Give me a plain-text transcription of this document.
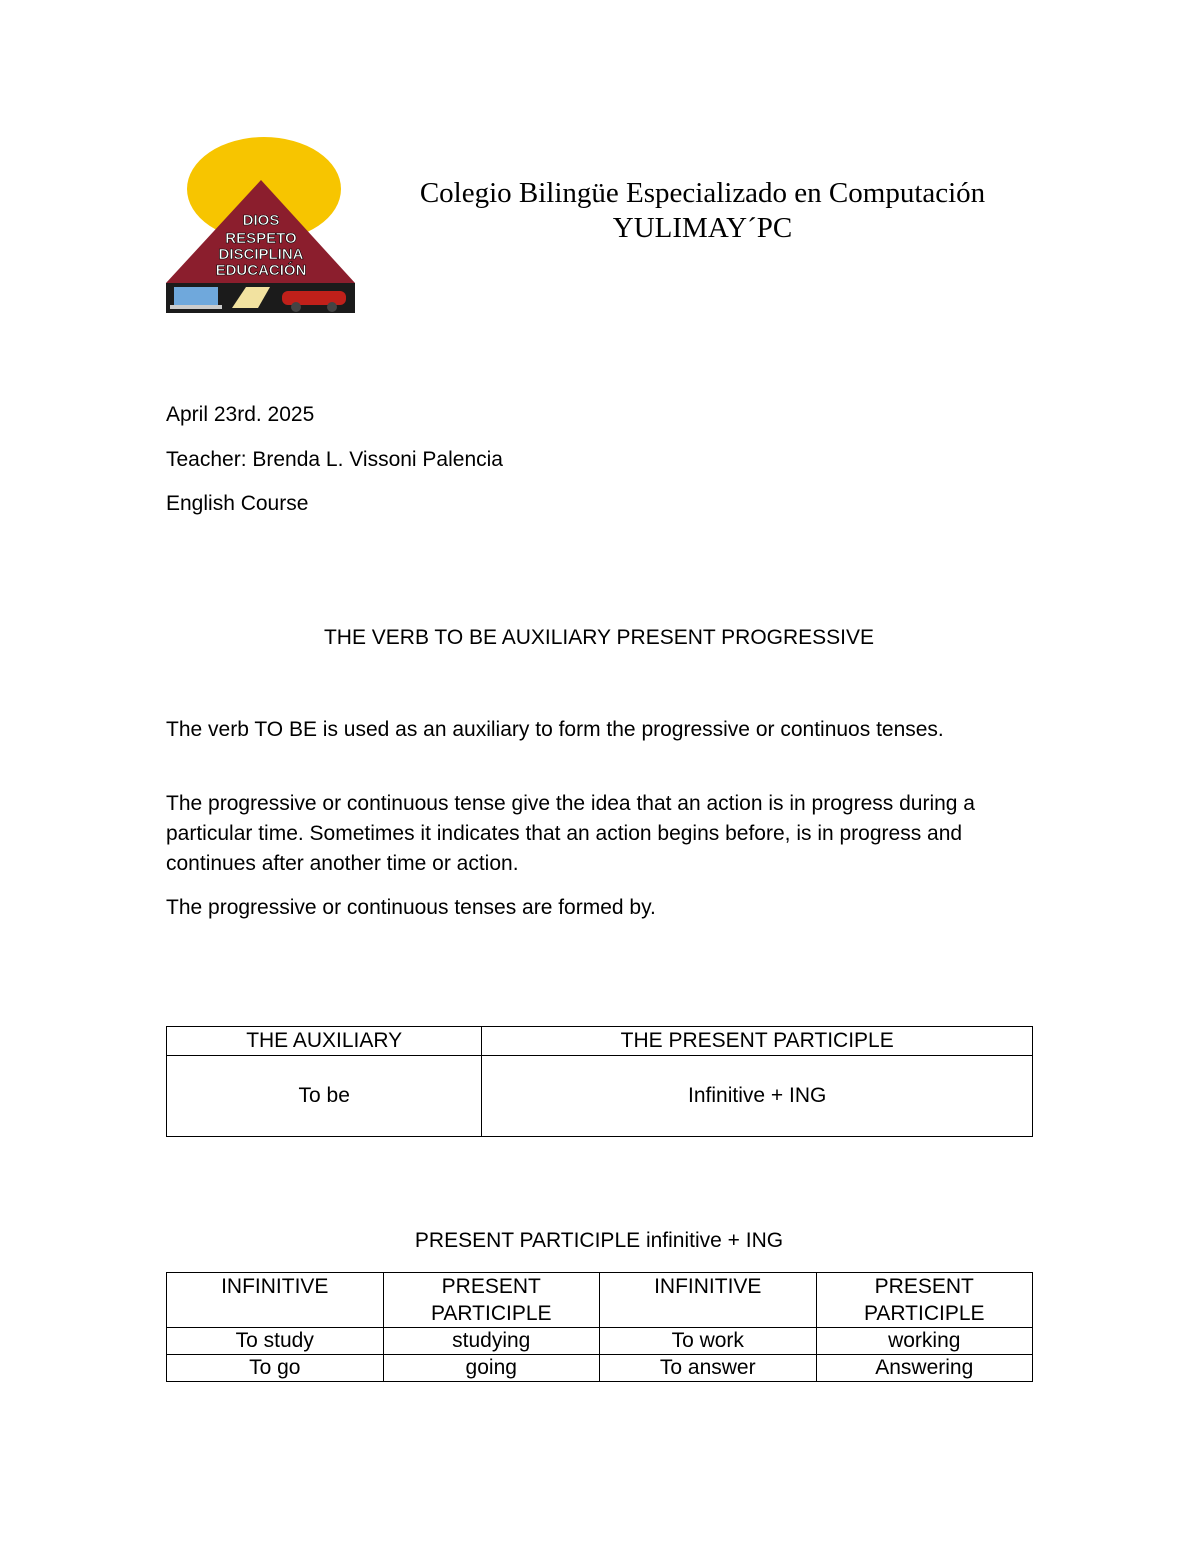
DIOS
RESPETO
DISCIPLINA
EDUCACIÓN
Colegio Bilingüe Especializado en Computación
YULIMAY´PC
April 23rd. 2025
Teacher: Brenda L. Vissoni Palencia
English Course
THE VERB TO BE AUXILIARY PRESENT PROGRESSIVE

The verb TO BE is used as an auxiliary to form the progressive or continuos tenses.

The progressive or continuous tense give the idea that an action is in progress during a particular time. Sometimes it indicates that an action begins before, is in progress and continues after another time or action.

The progressive or continuous tenses are formed by.

THE AUXILIARY	THE PRESENT PARTICIPLE
To be	Infinitive + ING
PRESENT PARTICIPLE infinitive + ING
INFINITIVE	PRESENT PARTICIPLE	INFINITIVE	PRESENT PARTICIPLE
To study	studying	To work	working
To go	going	To answer	Answering
